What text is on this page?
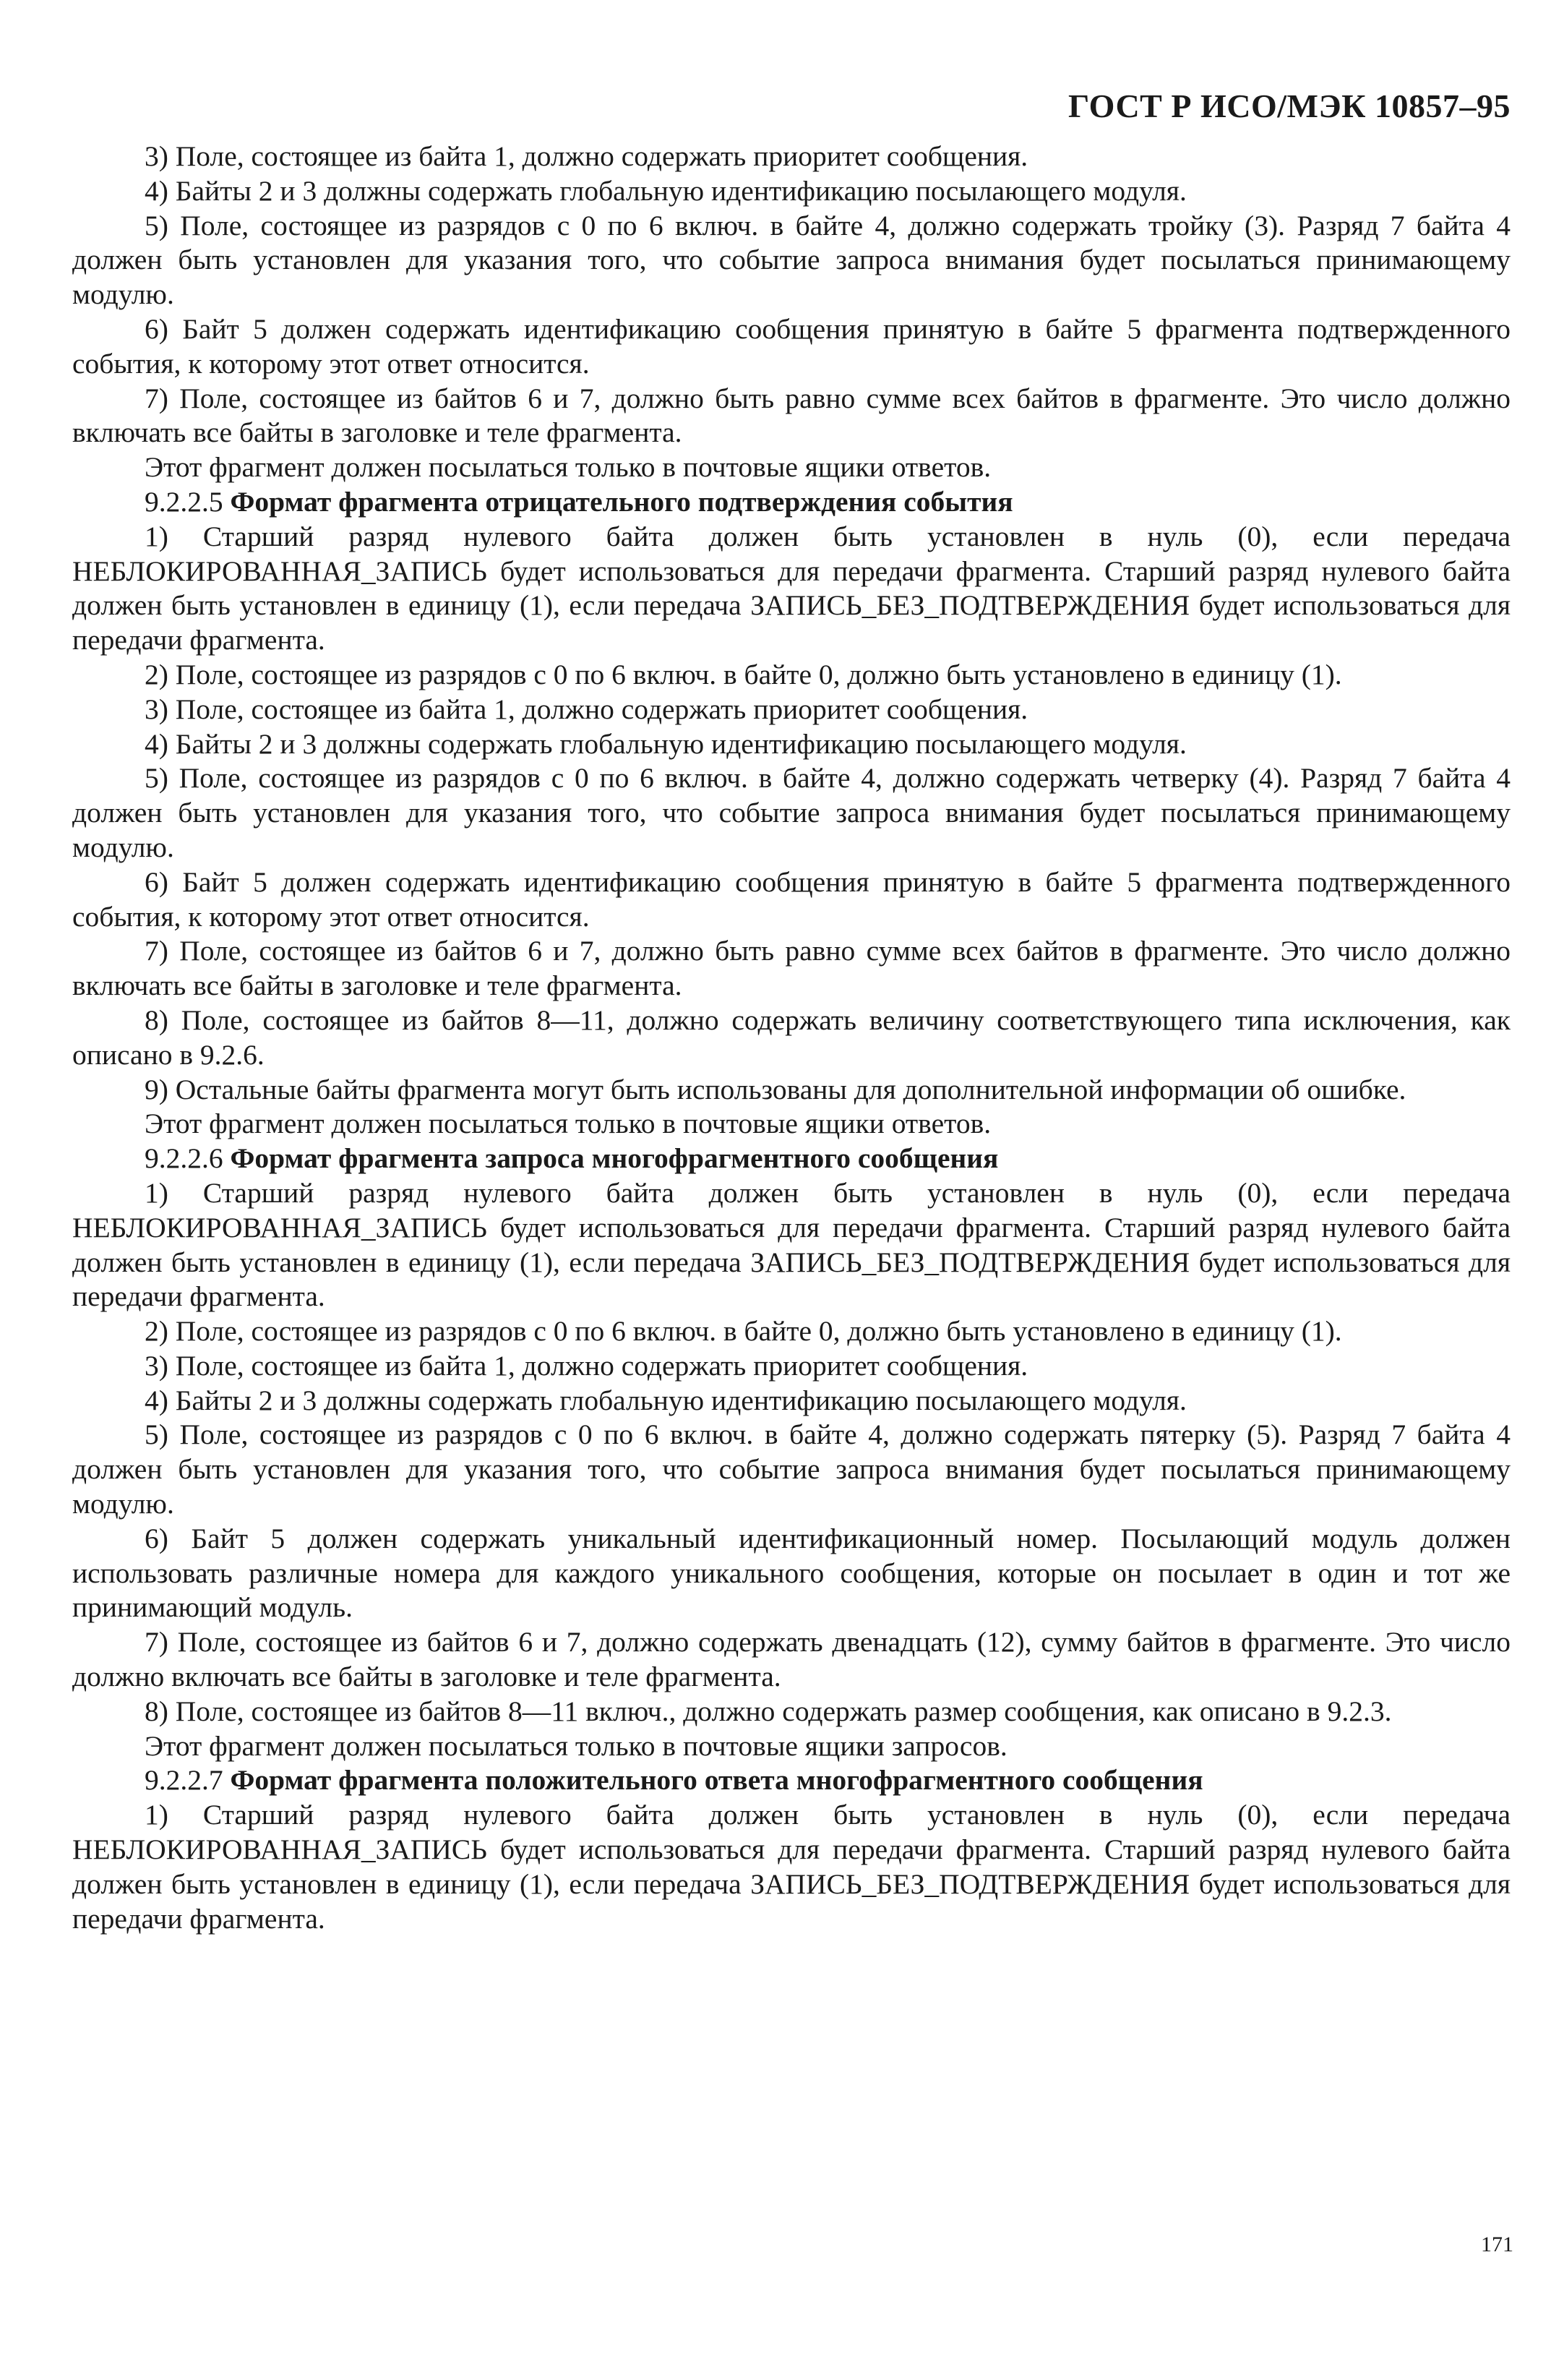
ГОСТ Р ИСО/МЭК 10857–95

3) Поле, состоящее из байта 1, должно содержать приоритет сообщения.

4) Байты 2 и 3 должны содержать глобальную идентификацию посылающего модуля.

5) Поле, состоящее из разрядов с 0 по 6 включ. в байте 4, должно содержать тройку (3). Разряд 7 байта 4 должен быть установлен для указания того, что событие запроса внимания будет посылаться принимающему модулю.

6) Байт 5 должен содержать идентификацию сообщения принятую в байте 5 фрагмента подтвержденного события, к которому этот ответ относится.

7) Поле, состоящее из байтов 6 и 7, должно быть равно сумме всех байтов в фрагменте. Это число должно включать все байты в заголовке и теле фрагмента.

Этот фрагмент должен посылаться только в почтовые ящики ответов.

9.2.2.5 Формат фрагмента отрицательного подтверждения события

1) Старший разряд нулевого байта должен быть установлен в нуль (0), если передача НЕБЛОКИРОВАННАЯ_ЗАПИСЬ будет использоваться для передачи фрагмента. Старший разряд нулевого байта должен быть установлен в единицу (1), если передача ЗАПИСЬ_БЕЗ_ПОДТВЕРЖДЕНИЯ будет использоваться для передачи фрагмента.

2) Поле, состоящее из разрядов с 0 по 6 включ. в байте 0, должно быть установлено в единицу (1).

3) Поле, состоящее из байта 1, должно содержать приоритет сообщения.

4) Байты 2 и 3 должны содержать глобальную идентификацию посылающего модуля.

5) Поле, состоящее из разрядов с 0 по 6 включ. в байте 4, должно содержать четверку (4). Разряд 7 байта 4 должен быть установлен для указания того, что событие запроса внимания будет посылаться принимающему модулю.

6) Байт 5 должен содержать идентификацию сообщения принятую в байте 5 фрагмента подтвержденного события, к которому этот ответ относится.

7) Поле, состоящее из байтов 6 и 7, должно быть равно сумме всех байтов в фрагменте. Это число должно включать все байты в заголовке и теле фрагмента.

8) Поле, состоящее из байтов 8—11, должно содержать величину соответствующего типа исключения, как описано в 9.2.6.

9) Остальные байты фрагмента могут быть использованы для дополнительной информации об ошибке.

Этот фрагмент должен посылаться только в почтовые ящики ответов.

9.2.2.6 Формат фрагмента запроса многофрагментного сообщения

1) Старший разряд нулевого байта должен быть установлен в нуль (0), если передача НЕБЛОКИРОВАННАЯ_ЗАПИСЬ будет использоваться для передачи фрагмента. Старший разряд нулевого байта должен быть установлен в единицу (1), если передача ЗАПИСЬ_БЕЗ_ПОДТВЕРЖДЕНИЯ будет использоваться для передачи фрагмента.

2) Поле, состоящее из разрядов с 0 по 6 включ. в байте 0, должно быть установлено в единицу (1).

3) Поле, состоящее из байта 1, должно содержать приоритет сообщения.

4) Байты 2 и 3 должны содержать глобальную идентификацию посылающего модуля.

5) Поле, состоящее из разрядов с 0 по 6 включ. в байте 4, должно содержать пятерку (5). Разряд 7 байта 4 должен быть установлен для указания того, что событие запроса внимания будет посылаться принимающему модулю.

6) Байт 5 должен содержать уникальный идентификационный номер. Посылающий модуль должен использовать различные номера для каждого уникального сообщения, которые он посылает в один и тот же принимающий модуль.

7) Поле, состоящее из байтов 6 и 7, должно содержать двенадцать (12), сумму байтов в фрагменте. Это число должно включать все байты в заголовке и теле фрагмента.

8) Поле, состоящее из байтов 8—11 включ., должно содержать размер сообщения, как описано в 9.2.3.

Этот фрагмент должен посылаться только в почтовые ящики запросов.

9.2.2.7 Формат фрагмента положительного ответа многофрагментного сообщения

1) Старший разряд нулевого байта должен быть установлен в нуль (0), если передача НЕБЛОКИРОВАННАЯ_ЗАПИСЬ будет использоваться для передачи фрагмента. Старший разряд нулевого байта должен быть установлен в единицу (1), если передача ЗАПИСЬ_БЕЗ_ПОДТВЕРЖДЕНИЯ будет использоваться для передачи фрагмента.

171
